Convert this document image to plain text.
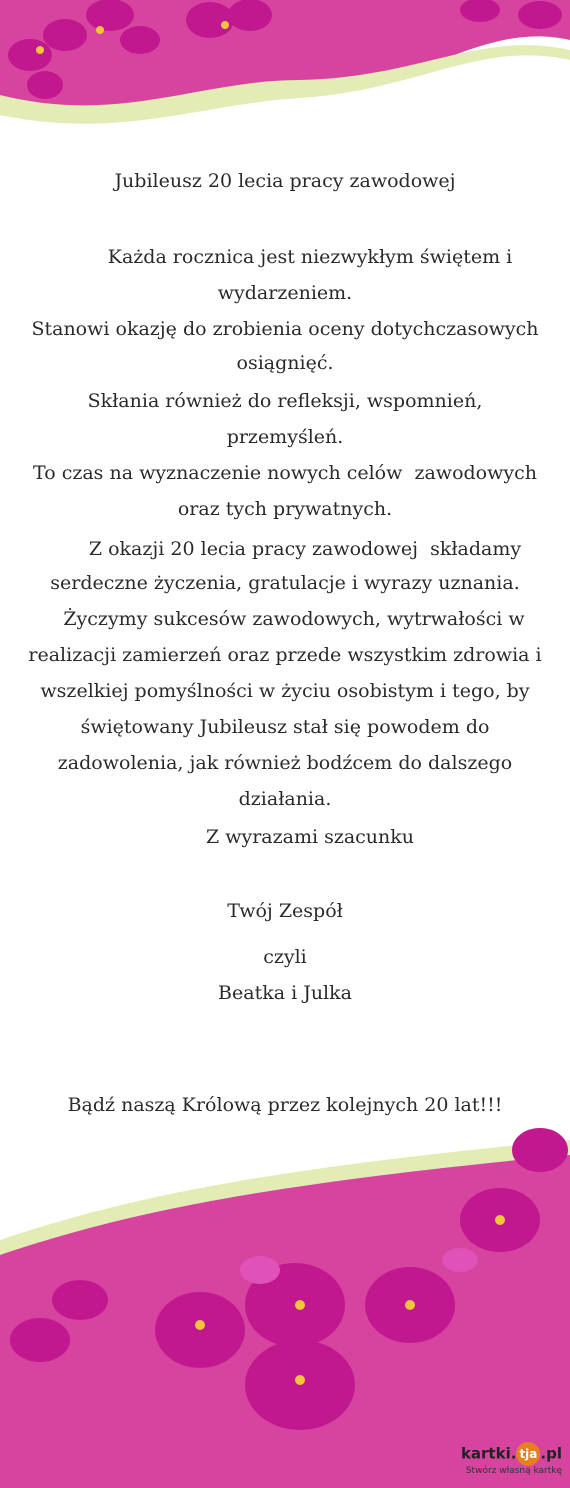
Jubileusz 20 lecia pracy zawodowej
Każda rocznica jest niezwykłym świętem i
wydarzeniem.
Stanowi okazję do zrobienia oceny dotychczasowych
osiągnięć.
Skłania również do refleksji, wspomnień,
przemyśleń.
To czas na wyznaczenie nowych celów  zawodowych
oraz tych prywatnych.
Z okazji 20 lecia pracy zawodowej  składamy
serdeczne życzenia, gratulacje i wyrazy uznania.
Życzymy sukcesów zawodowych, wytrwałości w
realizacji zamierzeń oraz przede wszystkim zdrowia i
wszelkiej pomyślności w życiu osobistym i tego, by
świętowany Jubileusz stał się powodem do
zadowolenia, jak również bodźcem do dalszego
działania.
Z wyrazami szacunku
Twój Zespół
czyli
Beatka i Julka
Bądź naszą Królową przez kolejnych 20 lat!!!
kartki. tja .pl
Stwórz własną kartkę
